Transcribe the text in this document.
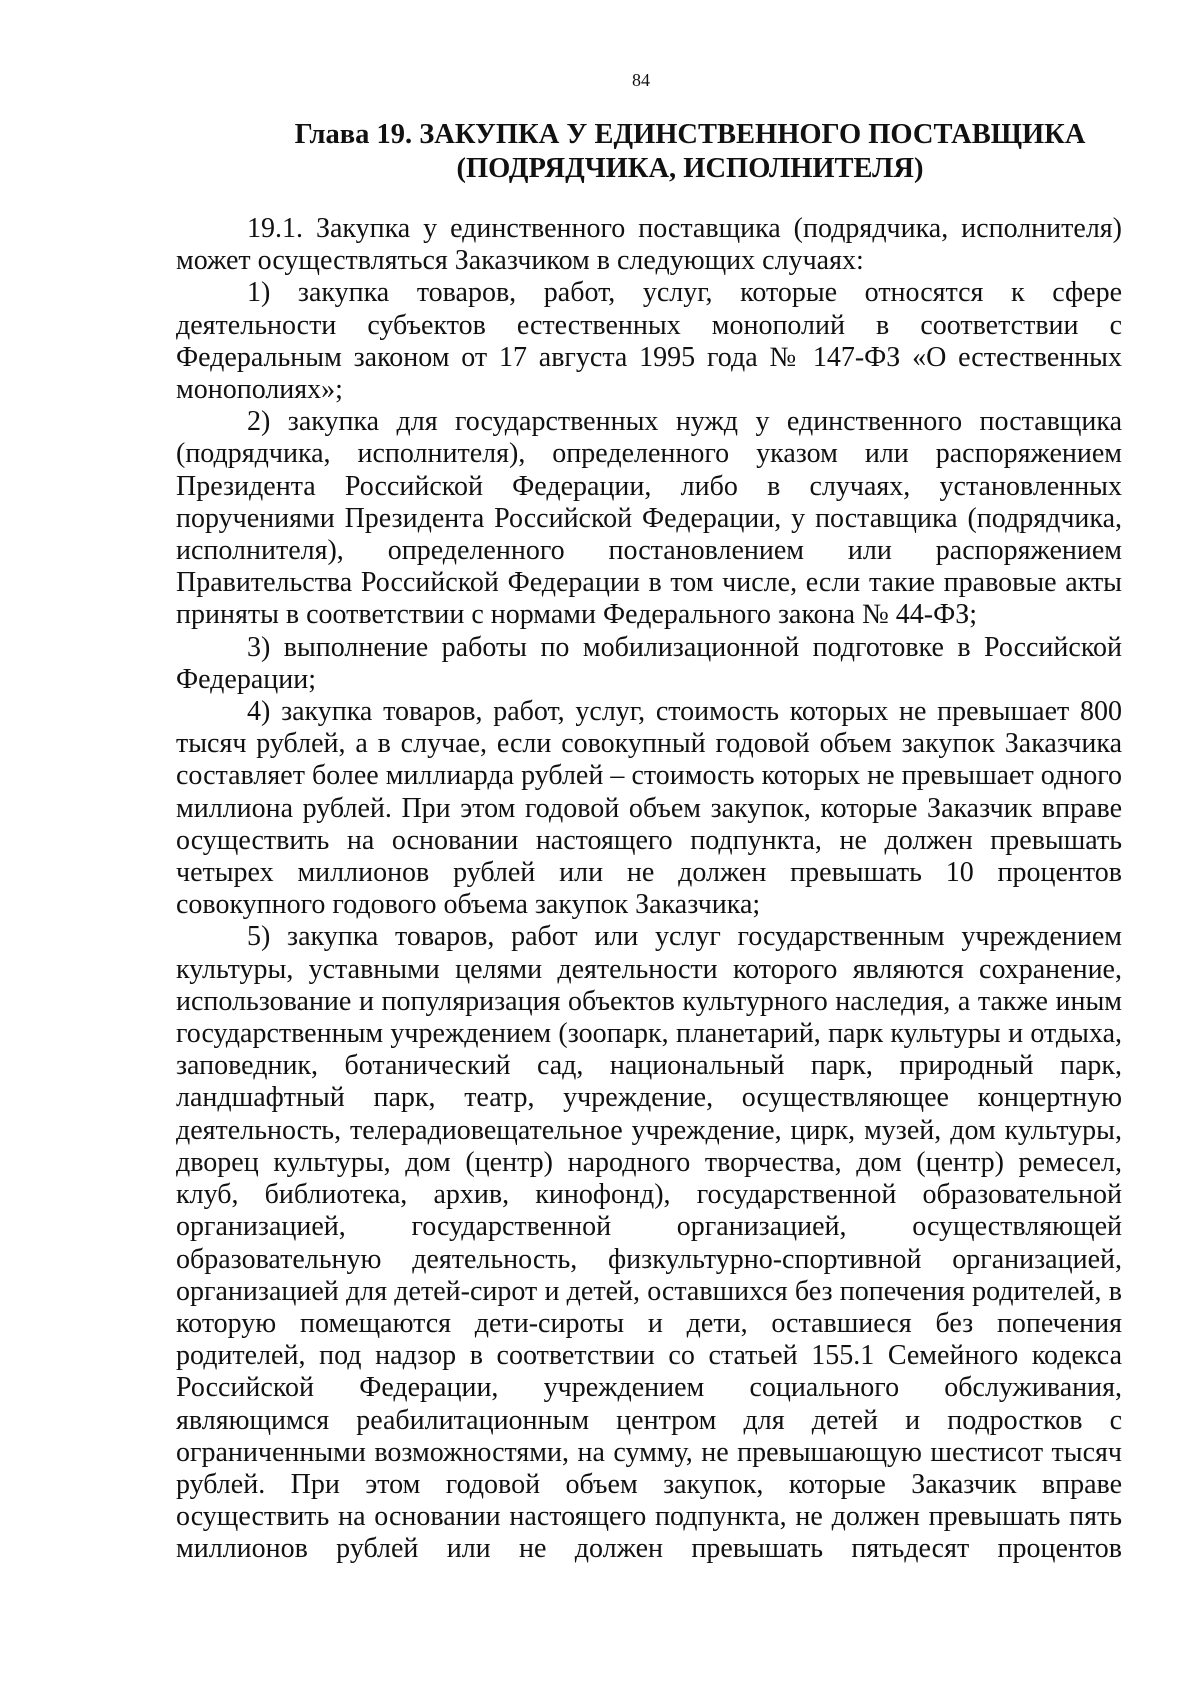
84
Глава 19. ЗАКУПКА У ЕДИНСТВЕННОГО ПОСТАВЩИКА
(ПОДРЯДЧИКА, ИСПОЛНИТЕЛЯ)

19.1. Закупка у единственного поставщика (подрядчика, исполнителя) может осуществляться Заказчиком в следующих случаях:

1) закупка товаров, работ, услуг, которые относятся к сфере деятельности субъектов естественных монополий в соответствии с Федеральным законом от 17 августа 1995 года № 147-ФЗ «О естественных монополиях»;

2) закупка для государственных нужд у единственного поставщика (подрядчика, исполнителя), определенного указом или распоряжением Президента Российской Федерации, либо в случаях, установленных поручениями Президента Российской Федерации, у поставщика (подрядчика, исполнителя), определенного постановлением или распоряжением Правительства Российской Федерации в том числе, если такие правовые акты приняты в соответствии с нормами Федерального закона № 44-ФЗ;

3) выполнение работы по мобилизационной подготовке в Российской Федерации;

4) закупка товаров, работ, услуг, стоимость которых не превышает 800 тысяч рублей, а в случае, если совокупный годовой объем закупок Заказчика составляет более миллиарда рублей – стоимость которых не превышает одного миллиона рублей. При этом годовой объем закупок, которые Заказчик вправе осуществить на основании настоящего подпункта, не должен превышать четырех миллионов рублей или не должен превышать 10 процентов совокупного годового объема закупок Заказчика;

5) закупка товаров, работ или услуг государственным учреждением культуры, уставными целями деятельности которого являются сохранение, использование и популяризация объектов культурного наследия, а также иным государственным учреждением (зоопарк, планетарий, парк культуры и отдыха, заповедник, ботанический сад, национальный парк, природный парк, ландшафтный парк, театр, учреждение, осуществляющее концертную деятельность, телерадиовещательное учреждение, цирк, музей, дом культуры, дворец культуры, дом (центр) народного творчества, дом (центр) ремесел, клуб, библиотека, архив, кинофонд), государственной образовательной организацией, государственной организацией, осуществляющей образовательную деятельность, физкультурно-спортивной организацией, организацией для детей-сирот и детей, оставшихся без попечения родителей, в которую помещаются дети-сироты и дети, оставшиеся без попечения родителей, под надзор в соответствии со статьей 155.1 Семейного кодекса Российской Федерации, учреждением социального обслуживания, являющимся реабилитационным центром для детей и подростков с ограниченными возможностями, на сумму, не превышающую шестисот тысяч рублей. При этом годовой объем закупок, которые Заказчик вправе осуществить на основании настоящего подпункта, не должен превышать пять миллионов рублей или не должен превышать пятьдесят процентов
